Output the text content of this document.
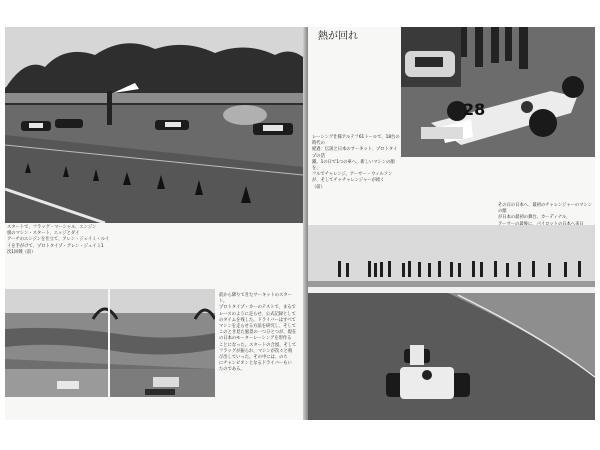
スタートで、フラッグ・マーシャル、エンジン
旗のマシン・スタート、エッジとダイ
アーチのエンジンを仕立て、アレン・ジェイミ・ルイ
イを手がけて、プロトタイプ・アレン・ジェイミ1
次1回戦（前）
前から降りてきたサーキットのスタート。
プロトタイプ・カーのテストで、まるで
レースのように走らせ、公式記録として
のタイムを残した。ドライバーはすべて
マシンを走らせる方法を研究し、そして
このとき見た風景の一つひとつが、現在
の日本のモーターレーシングを形作る
ことになった。スタートの合図、そして
フラッグが振られ、マシンが次々と飛
び出していった。その中には、のち
にチャンピオンとなるドライバーもい
たのである。
熱が回れ
28
レーシング仕様アルテフ61トールで、18台の時代の
経過：伝説と日本のサーキット、プロトタイプの活
躍。1の日で1つの車へ、新しいマシンの顔を、
フルでチャレンジ。アーサー・ウィルソン
が、そしてチャチャレンジャーが続く
（前）
その日の日本へ、最初のチャレンジャーのマシンの顔
が日本の最初の舞台。カーディナル、
